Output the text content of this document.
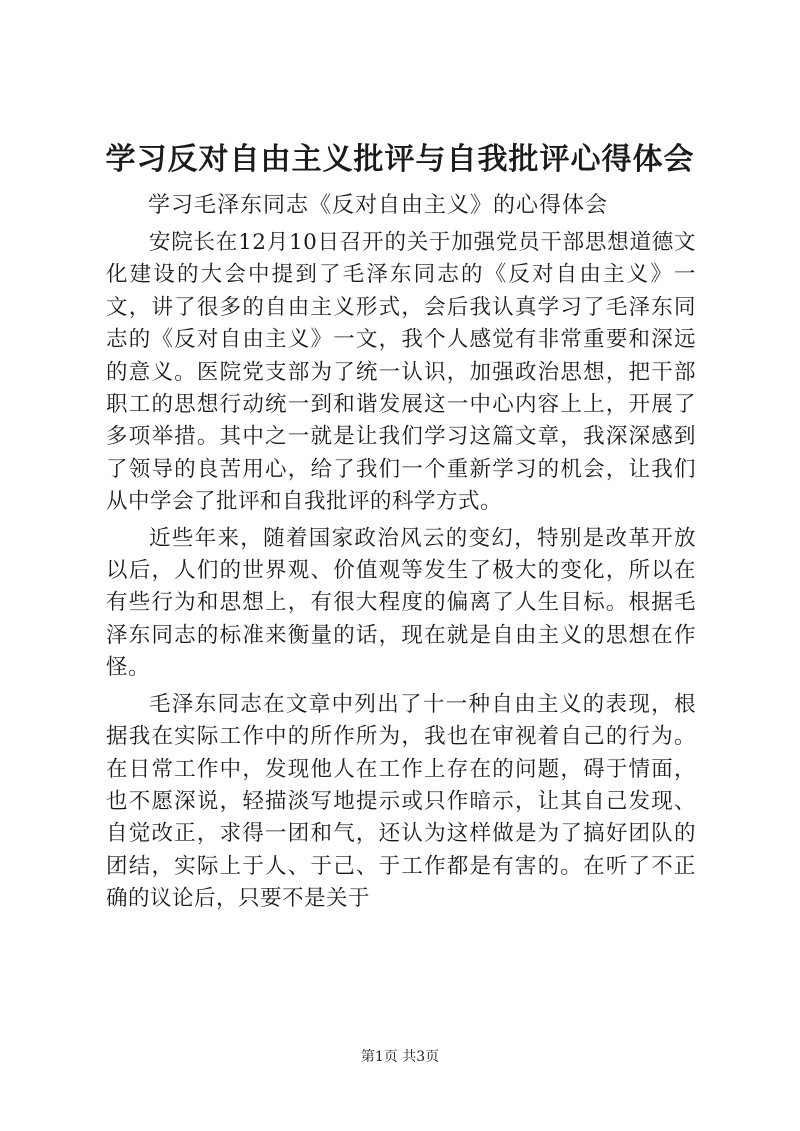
学习反对自由主义批评与自我批评心得体会

学习毛泽东同志《反对自由主义》的心得体会

安院长在12月10日召开的关于加强党员干部思想道德文化建设的大会中提到了毛泽东同志的《反对自由主义》一文，讲了很多的自由主义形式，会后我认真学习了毛泽东同志的《反对自由主义》一文，我个人感觉有非常重要和深远的意义。医院党支部为了统一认识，加强政治思想，把干部职工的思想行动统一到和谐发展这一中心内容上上，开展了多项举措。其中之一就是让我们学习这篇文章，我深深感到了领导的良苦用心，给了我们一个重新学习的机会，让我们从中学会了批评和自我批评的科学方式。

近些年来，随着国家政治风云的变幻，特别是改革开放以后，人们的世界观、价值观等发生了极大的变化，所以在有些行为和思想上，有很大程度的偏离了人生目标。根据毛泽东同志的标准来衡量的话，现在就是自由主义的思想在作怪。

毛泽东同志在文章中列出了十一种自由主义的表现，根据我在实际工作中的所作所为，我也在审视着自己的行为。在日常工作中，发现他人在工作上存在的问题，碍于情面，也不愿深说，轻描淡写地提示或只作暗示，让其自己发现、自觉改正，求得一团和气，还认为这样做是为了搞好团队的团结，实际上于人、于己、于工作都是有害的。在听了不正确的议论后，只要不是关于

第1页 共3页
